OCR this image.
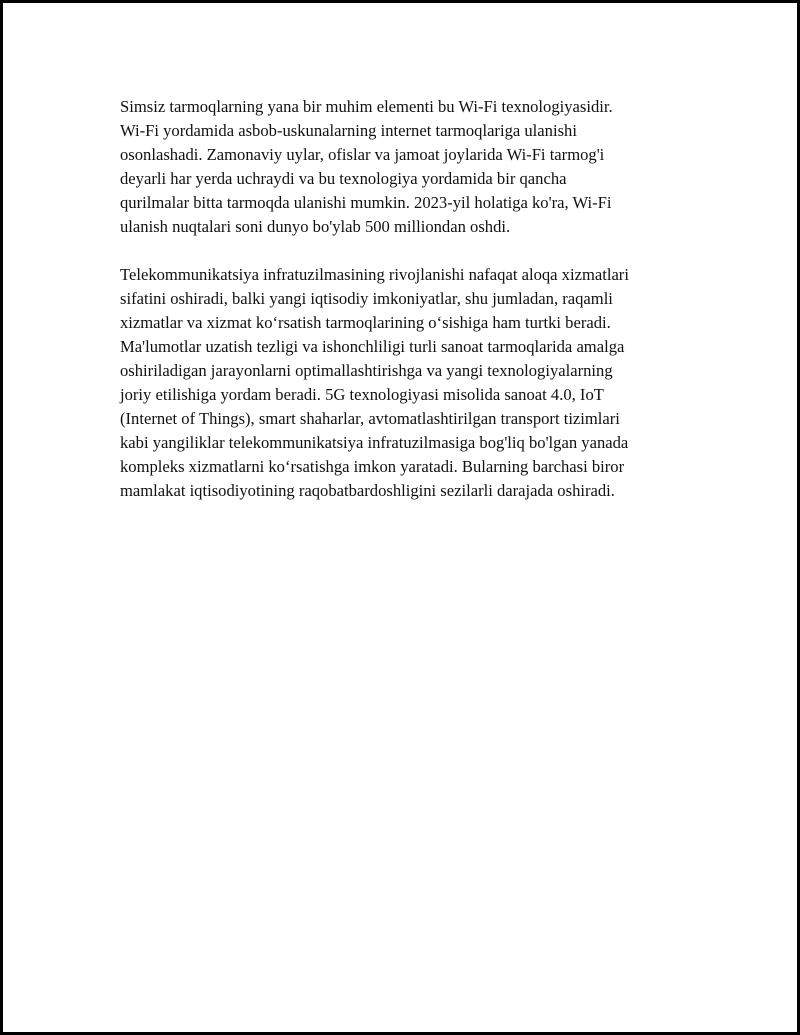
Simsiz tarmoqlarning yana bir muhim elementi bu Wi-Fi texnologiyasidir.
Wi-Fi yordamida asbob-uskunalarning internet tarmoqlariga ulanishi
osonlashadi. Zamonaviy uylar, ofislar va jamoat joylarida Wi-Fi tarmog'i
deyarli har yerda uchraydi va bu texnologiya yordamida bir qancha
qurilmalar bitta tarmoqda ulanishi mumkin. 2023-yil holatiga ko'ra, Wi-Fi
ulanish nuqtalari soni dunyo bo'ylab 500 milliondan oshdi.

Telekommunikatsiya infratuzilmasining rivojlanishi nafaqat aloqa xizmatlari
sifatini oshiradi, balki yangi iqtisodiy imkoniyatlar, shu jumladan, raqamli
xizmatlar va xizmat koʻrsatish tarmoqlarining oʻsishiga ham turtki beradi.
Ma'lumotlar uzatish tezligi va ishonchliligi turli sanoat tarmoqlarida amalga
oshiriladigan jarayonlarni optimallashtirishga va yangi texnologiyalarning
joriy etilishiga yordam beradi. 5G texnologiyasi misolida sanoat 4.0, IoT
(Internet of Things), smart shaharlar, avtomatlashtirilgan transport tizimlari
kabi yangiliklar telekommunikatsiya infratuzilmasiga bog'liq bo'lgan yanada
kompleks xizmatlarni koʻrsatishga imkon yaratadi. Bularning barchasi biror
mamlakat iqtisodiyotining raqobatbardoshligini sezilarli darajada oshiradi.
